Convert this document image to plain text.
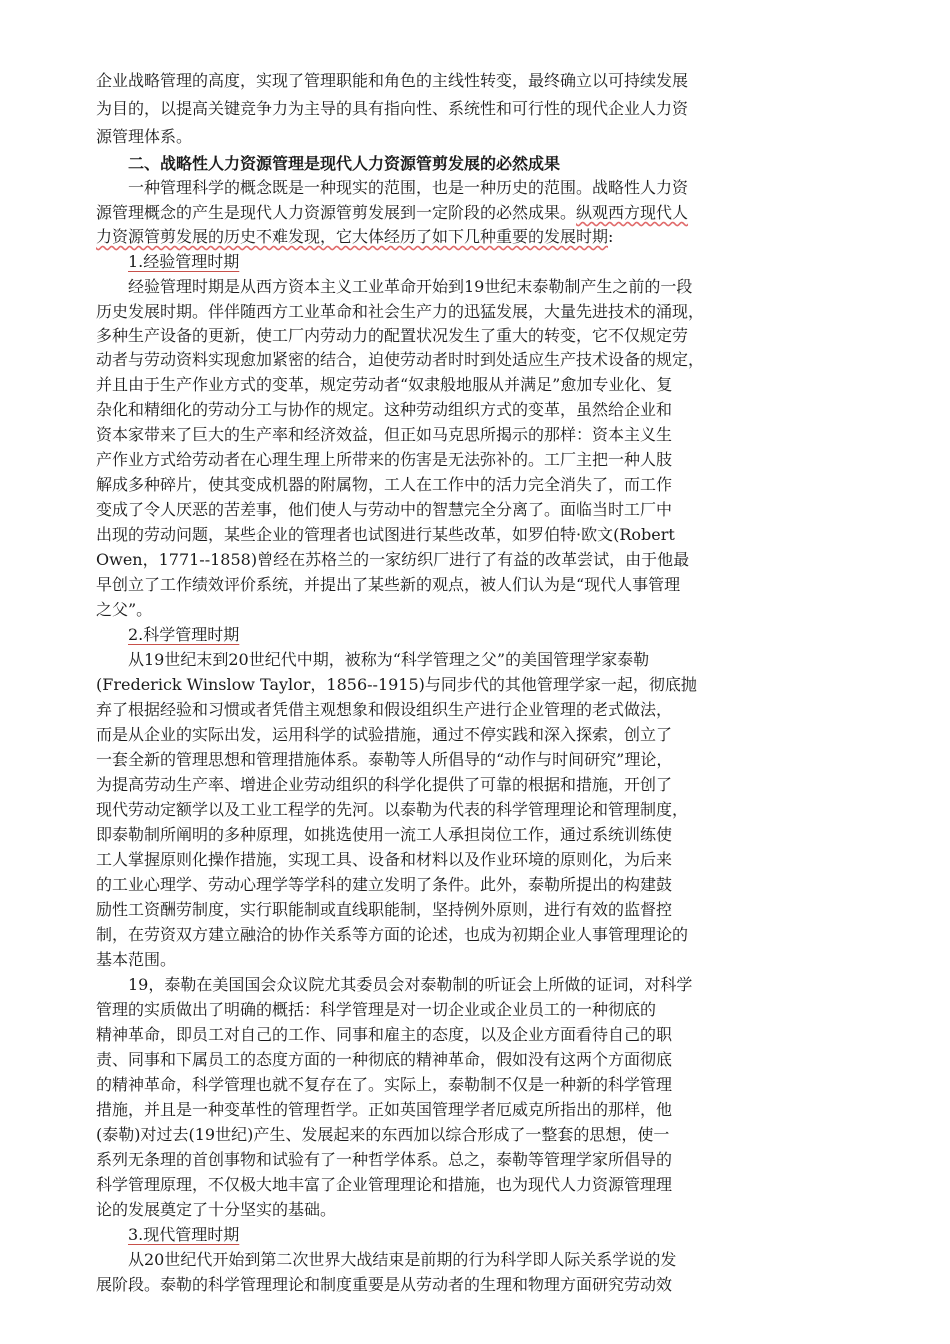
企业战略管理的高度，实现了管理职能和角色的主线性转变，最终确立以可持续发展
为目的，以提高关键竞争力为主导的具有指向性、系统性和可行性的现代企业人力资
源管理体系。
二、战略性人力资源管理是现代人力资源管剪发展的必然成果
一种管理科学的概念既是一种现实的范围，也是一种历史的范围。战略性人力资
源管理概念的产生是现代人力资源管剪发展到一定阶段的必然成果。纵观西方现代人
力资源管剪发展的历史不难发现，它大体经历了如下几种重要的发展时期:
1.经验管理时期
经验管理时期是从西方资本主义工业革命开始到19世纪末泰勒制产生之前的一段
历史发展时期。伴伴随西方工业革命和社会生产力的迅猛发展，大量先进技术的涌现，
多种生产设备的更新，使工厂内劳动力的配置状况发生了重大的转变，它不仅规定劳
动者与劳动资料实现愈加紧密的结合，迫使劳动者时时到处适应生产技术设备的规定，
并且由于生产作业方式的变革，规定劳动者“奴隶般地服从并满足”愈加专业化、复
杂化和精细化的劳动分工与协作的规定。这种劳动组织方式的变革，虽然给企业和
资本家带来了巨大的生产率和经济效益，但正如马克思所揭示的那样：资本主义生
产作业方式给劳动者在心理生理上所带来的伤害是无法弥补的。工厂主把一种人肢
解成多种碎片，使其变成机器的附属物，工人在工作中的活力完全消失了，而工作
变成了令人厌恶的苦差事，他们使人与劳动中的智慧完全分离了。面临当时工厂中
出现的劳动问题，某些企业的管理者也试图进行某些改革，如罗伯特·欧文(Robert
Owen，1771--1858)曾经在苏格兰的一家纺织厂进行了有益的改革尝试，由于他最
早创立了工作绩效评价系统，并提出了某些新的观点，被人们认为是“现代人事管理
之父”。
2.科学管理时期
从19世纪末到20世纪代中期，被称为“科学管理之父”的美国管理学家泰勒
(Frederick Winslow Taylor，1856--1915)与同步代的其他管理学家一起，彻底抛
弃了根据经验和习惯或者凭借主观想象和假设组织生产进行企业管理的老式做法，
而是从企业的实际出发，运用科学的试验措施，通过不停实践和深入探索，创立了
一套全新的管理思想和管理措施体系。泰勒等人所倡导的“动作与时间研究”理论，
为提高劳动生产率、增进企业劳动组织的科学化提供了可靠的根据和措施，开创了
现代劳动定额学以及工业工程学的先河。以泰勒为代表的科学管理理论和管理制度，
即泰勒制所阐明的多种原理，如挑选使用一流工人承担岗位工作，通过系统训练使
工人掌握原则化操作措施，实现工具、设备和材料以及作业环境的原则化，为后来
的工业心理学、劳动心理学等学科的建立发明了条件。此外，泰勒所提出的构建鼓
励性工资酬劳制度，实行职能制或直线职能制，坚持例外原则，进行有效的监督控
制，在劳资双方建立融洽的协作关系等方面的论述，也成为初期企业人事管理理论的
基本范围。
19，泰勒在美国国会众议院尤其委员会对泰勒制的听证会上所做的证词，对科学
管理的实质做出了明确的概括：科学管理是对一切企业或企业员工的一种彻底的
精神革命，即员工对自己的工作、同事和雇主的态度，以及企业方面看待自己的职
责、同事和下属员工的态度方面的一种彻底的精神革命，假如没有这两个方面彻底
的精神革命，科学管理也就不复存在了。实际上，泰勒制不仅是一种新的科学管理
措施，并且是一种变革性的管理哲学。正如英国管理学者厄威克所指出的那样，他
(泰勒)对过去(19世纪)产生、发展起来的东西加以综合形成了一整套的思想，使一
系列无条理的首创事物和试验有了一种哲学体系。总之，泰勒等管理学家所倡导的
科学管理原理，不仅极大地丰富了企业管理理论和措施，也为现代人力资源管理理
论的发展奠定了十分坚实的基础。
3.现代管理时期
从20世纪代开始到第二次世界大战结束是前期的行为科学即人际关系学说的发
展阶段。泰勒的科学管理理论和制度重要是从劳动者的生理和物理方面研究劳动效
